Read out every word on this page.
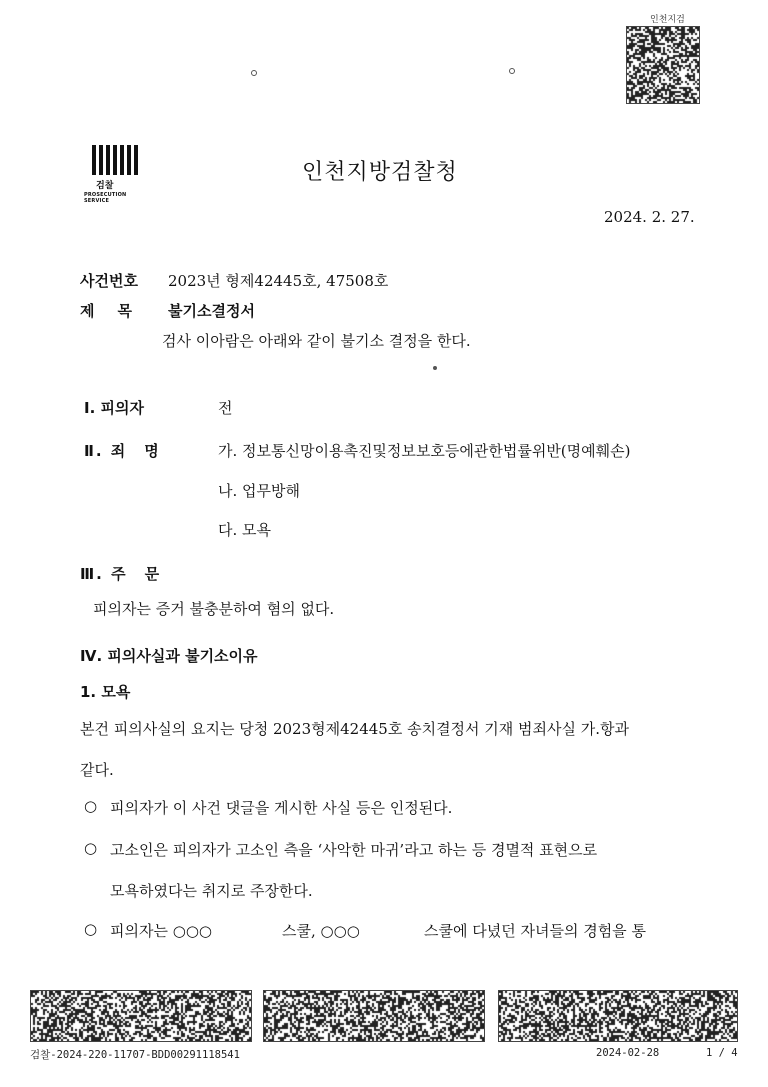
인천지검
검찰
PROSECUTION SERVICE
인천지방검찰청
2024. 2. 27.
사건번호 2023년 형제42445호, 47508호
제　목 불기소결정서
검사 이아람은 아래와 같이 불기소 결정을 한다.
Ⅰ. 피의자	전
Ⅱ. 죄　명	가. 정보통신망이용촉진및정보보호등에관한법률위반(명예훼손)
나. 업무방해
다. 모욕
Ⅲ. 주　문
피의자는 증거 불충분하여 혐의 없다.
Ⅳ. 피의사실과 불기소이유
1. 모욕
본건 피의사실의 요지는 당청 2023형제42445호 송치결정서 기재 범죄사실 가.항과
같다.
○ 피의자가 이 사건 댓글을 게시한 사실 등은 인정된다.
○ 고소인은 피의자가 고소인 측을 ‘사악한 마귀’라고 하는 등 경멸적 표현으로
모욕하였다는 취지로 주장한다.
○ 피의자는 ○○○	스쿨, ○○○	스쿨에 다녔던 자녀들의 경험을 통
검찰-2024-220-11707-BDD00291118541	2024-02-28	1 / 4
